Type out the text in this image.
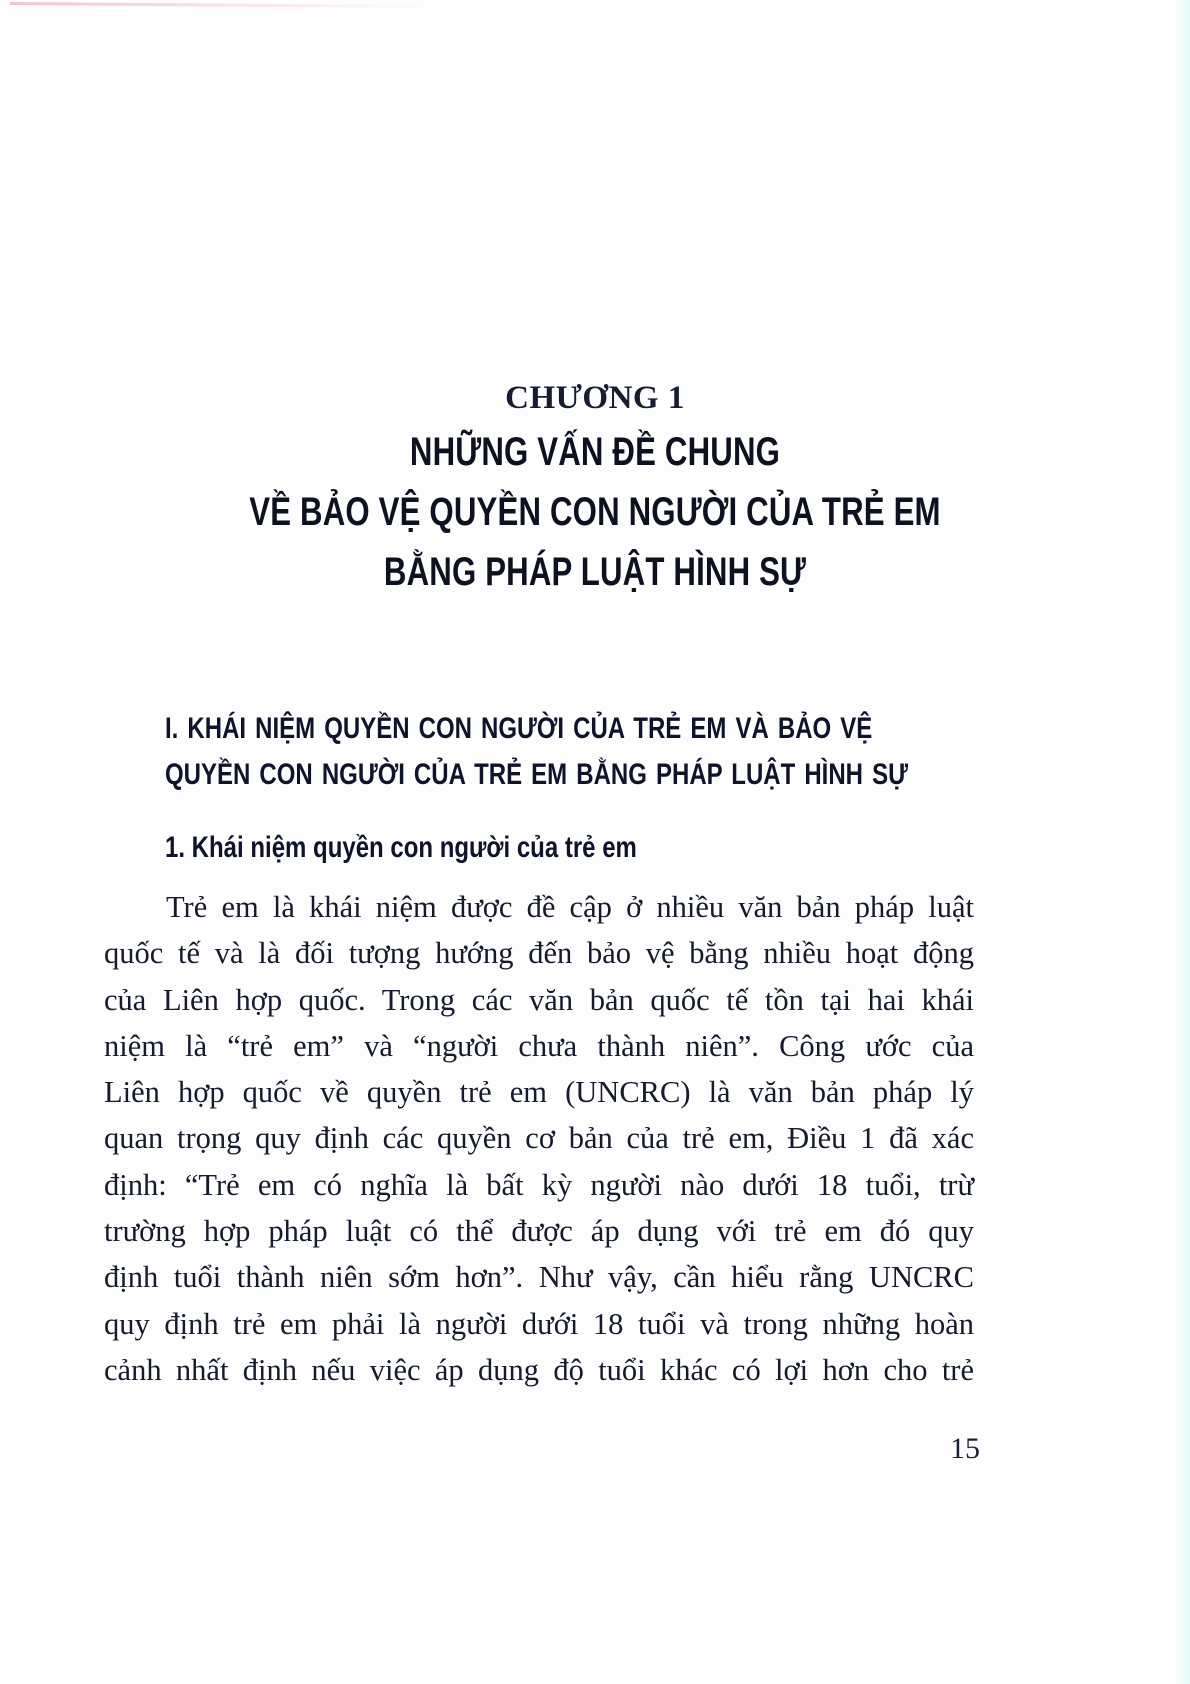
CHƯƠNG 1
NHỮNG VẤN ĐỀ CHUNG
VỀ BẢO VỆ QUYỀN CON NGƯỜI CỦA TRẺ EM
BẰNG PHÁP LUẬT HÌNH SỰ
I. KHÁI NIỆM QUYỀN CON NGƯỜI CỦA TRẺ EM VÀ BẢO VỆ
QUYỀN CON NGƯỜI CỦA TRẺ EM BẰNG PHÁP LUẬT HÌNH SỰ
1. Khái niệm quyền con người của trẻ em
Trẻ em là khái niệm được đề cập ở nhiều văn bản pháp luật
quốc tế và là đối tượng hướng đến bảo vệ bằng nhiều hoạt động
của Liên hợp quốc. Trong các văn bản quốc tế tồn tại hai khái
niệm là “trẻ em” và “người chưa thành niên”. Công ước của
Liên hợp quốc về quyền trẻ em (UNCRC) là văn bản pháp lý
quan trọng quy định các quyền cơ bản của trẻ em, Điều 1 đã xác
định: “Trẻ em có nghĩa là bất kỳ người nào dưới 18 tuổi, trừ
trường hợp pháp luật có thể được áp dụng với trẻ em đó quy
định tuổi thành niên sớm hơn”. Như vậy, cần hiểu rằng UNCRC
quy định trẻ em phải là người dưới 18 tuổi và trong những hoàn
cảnh nhất định nếu việc áp dụng độ tuổi khác có lợi hơn cho trẻ
15
